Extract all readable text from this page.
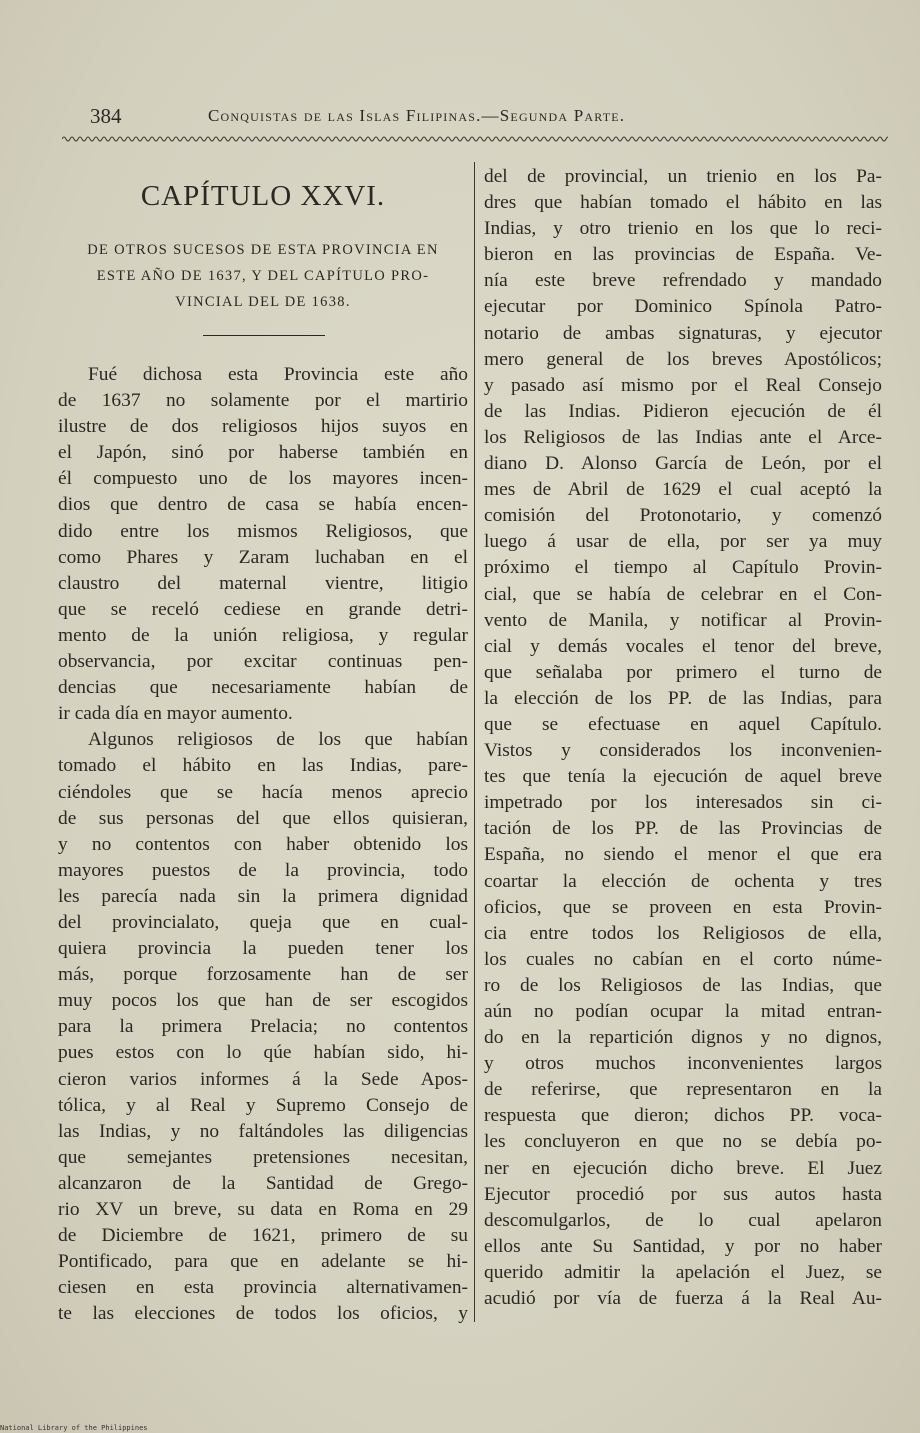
384	Conquistas de las Islas Filipinas.—Segunda Parte.
CAPÍTULO XXVI.
DE OTROS SUCESOS DE ESTA PROVINCIA EN
ESTE AÑO DE 1637, Y DEL CAPÍTULO PRO-
VINCIAL DEL DE 1638.
Fué dichosa esta Provincia este año
de 1637 no solamente por el martirio
ilustre de dos religiosos hijos suyos en
el Japón, sinó por haberse también en
él compuesto uno de los mayores incen-
dios que dentro de casa se había encen-
dido entre los mismos Religiosos, que
como Phares y Zaram luchaban en el
claustro del maternal vientre, litigio
que se receló cediese en grande detri-
mento de la unión religiosa, y regular
observancia, por excitar continuas pen-
dencias que necesariamente habían de
ir cada día en mayor aumento.
Algunos religiosos de los que habían
tomado el hábito en las Indias, pare-
ciéndoles que se hacía menos aprecio
de sus personas del que ellos quisieran,
y no contentos con haber obtenido los
mayores puestos de la provincia, todo
les parecía nada sin la primera dignidad
del provincialato, queja que en cual-
quiera provincia la pueden tener los
más, porque forzosamente han de ser
muy pocos los que han de ser escogidos
para la primera Prelacia; no contentos
pues estos con lo qúe habían sido, hi-
cieron varios informes á la Sede Apos-
tólica, y al Real y Supremo Consejo de
las Indias, y no faltándoles las diligencias
que semejantes pretensiones necesitan,
alcanzaron de la Santidad de Grego-
rio XV un breve, su data en Roma en 29
de Diciembre de 1621, primero de su
Pontificado, para que en adelante se hi-
ciesen en esta provincia alternativamen-
te las elecciones de todos los oficios, y
del de provincial, un trienio en los Pa-
dres que habían tomado el hábito en las
Indias, y otro trienio en los que lo reci-
bieron en las provincias de España. Ve-
nía este breve refrendado y mandado
ejecutar por Dominico Spínola Patro-
notario de ambas signaturas, y ejecutor
mero general de los breves Apostólicos;
y pasado así mismo por el Real Consejo
de las Indias. Pidieron ejecución de él
los Religiosos de las Indias ante el Arce-
diano D. Alonso García de León, por el
mes de Abril de 1629 el cual aceptó la
comisión del Protonotario, y comenzó
luego á usar de ella, por ser ya muy
próximo el tiempo al Capítulo Provin-
cial, que se había de celebrar en el Con-
vento de Manila, y notificar al Provin-
cial y demás vocales el tenor del breve,
que señalaba por primero el turno de
la elección de los PP. de las Indias, para
que se efectuase en aquel Capítulo.
Vistos y considerados los inconvenien-
tes que tenía la ejecución de aquel breve
impetrado por los interesados sin ci-
tación de los PP. de las Provincias de
España, no siendo el menor el que era
coartar la elección de ochenta y tres
oficios, que se proveen en esta Provin-
cia entre todos los Religiosos de ella,
los cuales no cabían en el corto núme-
ro de los Religiosos de las Indias, que
aún no podían ocupar la mitad entran-
do en la repartición dignos y no dignos,
y otros muchos inconvenientes largos
de referirse, que representaron en la
respuesta que dieron; dichos PP. voca-
les concluyeron en que no se debía po-
ner en ejecución dicho breve. El Juez
Ejecutor procedió por sus autos hasta
descomulgarlos, de lo cual apelaron
ellos ante Su Santidad, y por no haber
querido admitir la apelación el Juez, se
acudió por vía de fuerza á la Real Au-
National Library of the Philippines
